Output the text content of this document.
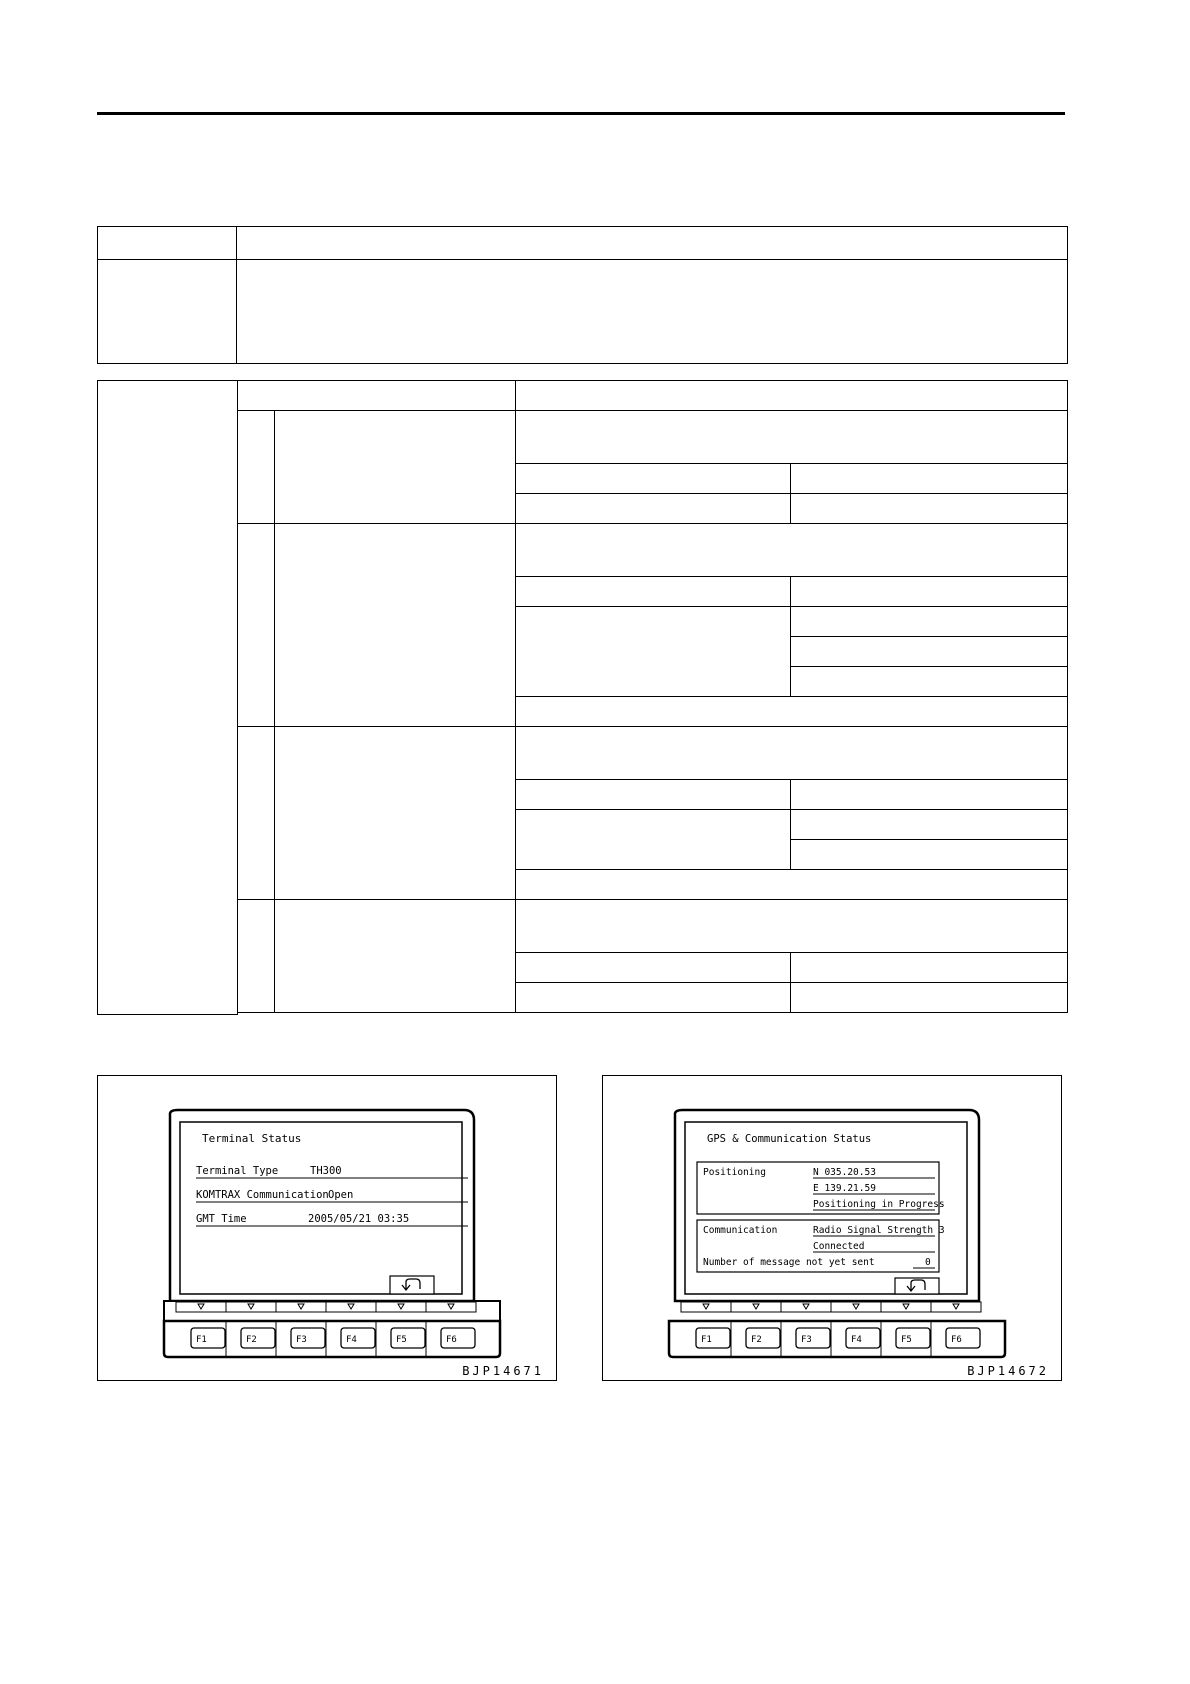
Terminal Status
Terminal Type	TH300
KOMTRAX Communication Open
GMT Time	2005/05/21 03:35
F1	F2	F3	F4	F5	F6
BJP14671
GPS & Communication Status
Positioning	N 035.20.53
E 139.21.59
Positioning in Progress
Communication	Radio Signal Strength 3
Connected
Number of message not yet sent	0
F1	F2	F3	F4	F5	F6
BJP14672
